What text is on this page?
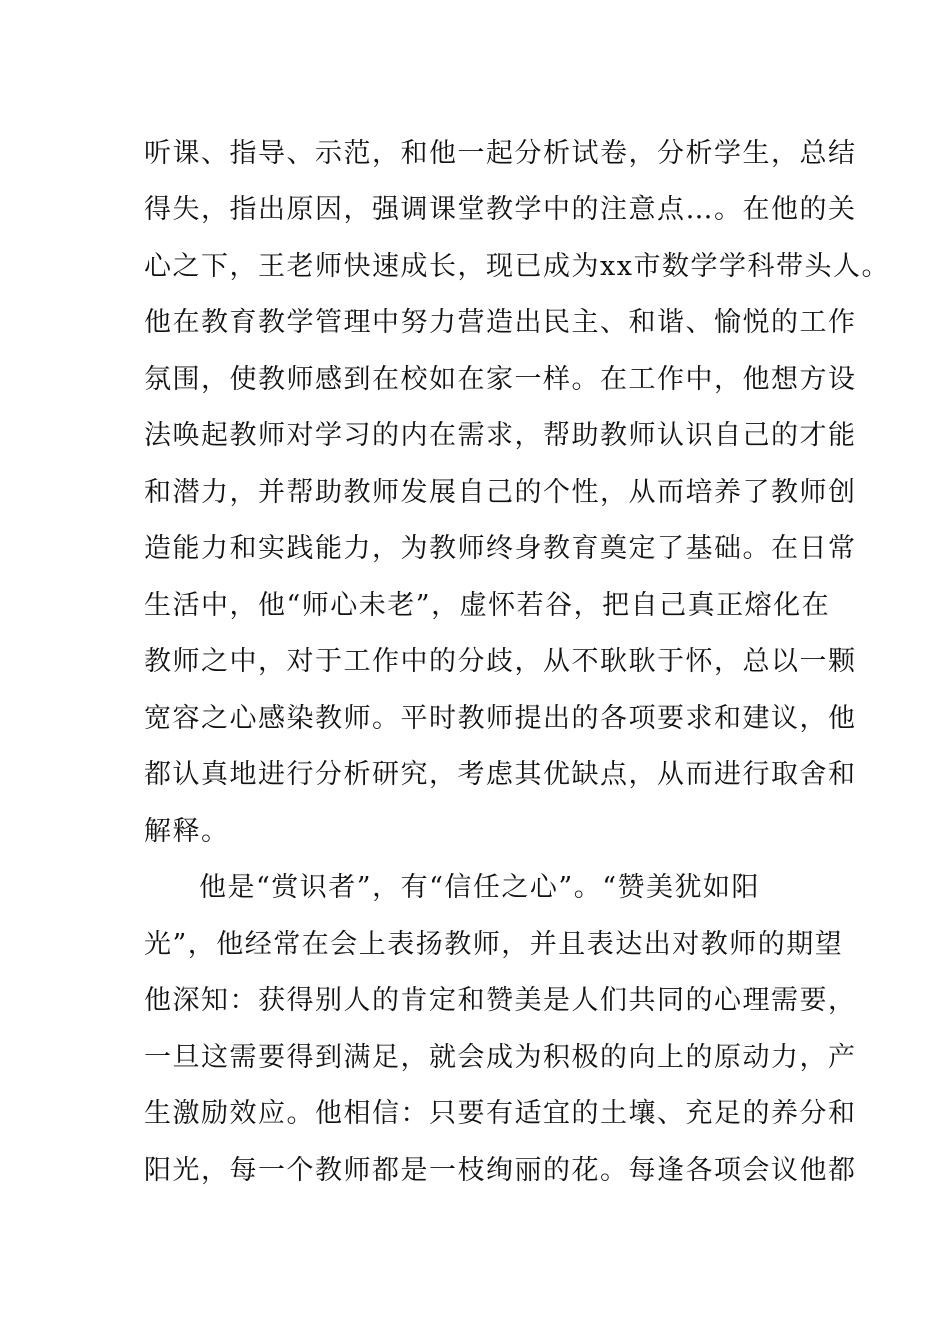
听课、指导、示范，和他一起分析试卷，分析学生，总结
得失，指出原因，强调课堂教学中的注意点…。在他的关
心之下，王老师快速成长，现已成为xx市数学学科带头人。
他在教育教学管理中努力营造出民主、和谐、愉悦的工作
氛围，使教师感到在校如在家一样。在工作中，他想方设
法唤起教师对学习的内在需求，帮助教师认识自己的才能
和潜力，并帮助教师发展自己的个性，从而培养了教师创
造能力和实践能力，为教师终身教育奠定了基础。在日常
生活中，他“师心未老”，虚怀若谷，把自己真正熔化在
教师之中，对于工作中的分歧，从不耿耿于怀，总以一颗
宽容之心感染教师。平时教师提出的各项要求和建议，他
都认真地进行分析研究，考虑其优缺点，从而进行取舍和
解释。
他是“赏识者”，有“信任之心”。“赞美犹如阳
光”，他经常在会上表扬教师，并且表达出对教师的期望
他深知：获得别人的肯定和赞美是人们共同的心理需要，
一旦这需要得到满足，就会成为积极的向上的原动力，产
生激励效应。他相信：只要有适宜的土壤、充足的养分和
阳光，每一个教师都是一枝绚丽的花。每逢各项会议他都
